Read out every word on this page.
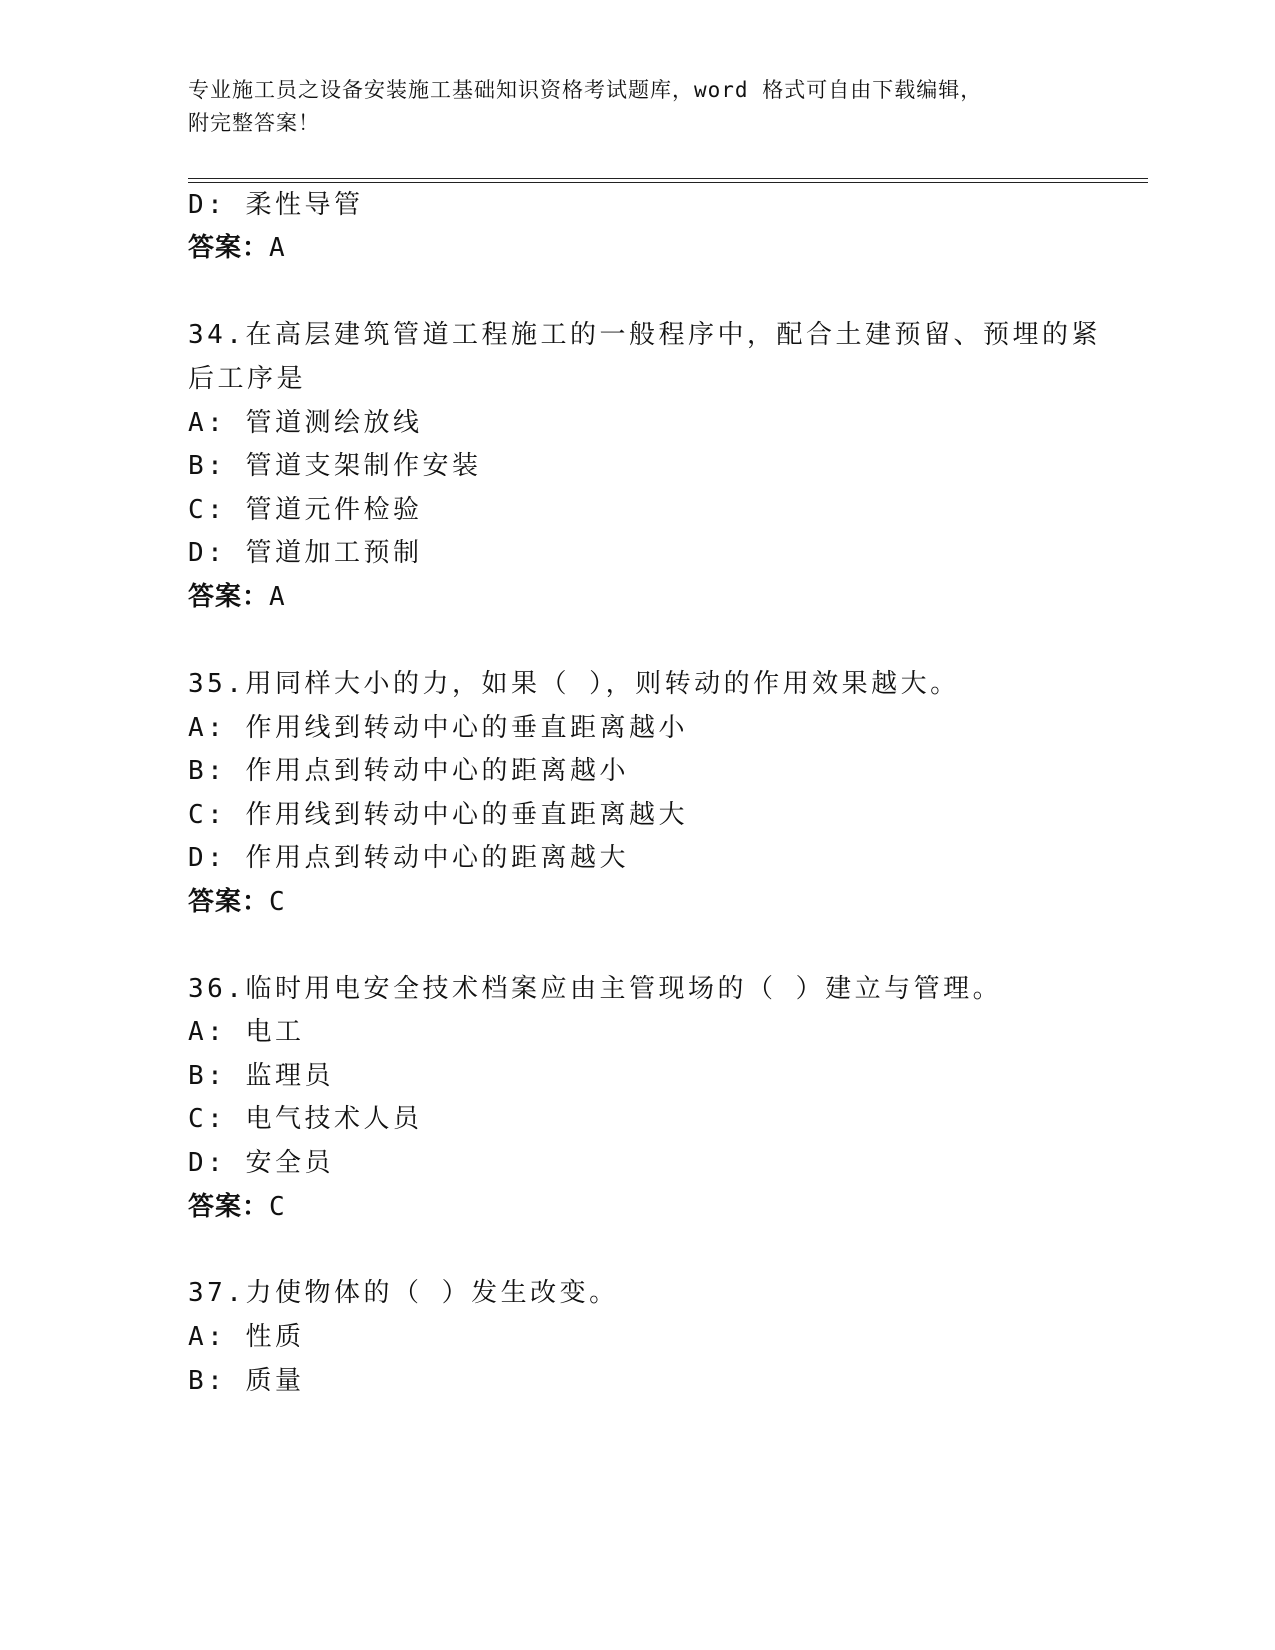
专业施工员之设备安装施工基础知识资格考试题库，word 格式可自由下载编辑，
附完整答案！
D: 柔性导管
答案：A
34.在高层建筑管道工程施工的一般程序中，配合土建预留、预埋的紧
后工序是
A: 管道测绘放线
B: 管道支架制作安装
C: 管道元件检验
D: 管道加工预制
答案：A
35.用同样大小的力，如果（ ），则转动的作用效果越大。
A: 作用线到转动中心的垂直距离越小
B: 作用点到转动中心的距离越小
C: 作用线到转动中心的垂直距离越大
D: 作用点到转动中心的距离越大
答案：C
36.临时用电安全技术档案应由主管现场的（ ）建立与管理。
A: 电工
B: 监理员
C: 电气技术人员
D: 安全员
答案：C
37.力使物体的（ ）发生改变。
A: 性质
B: 质量
